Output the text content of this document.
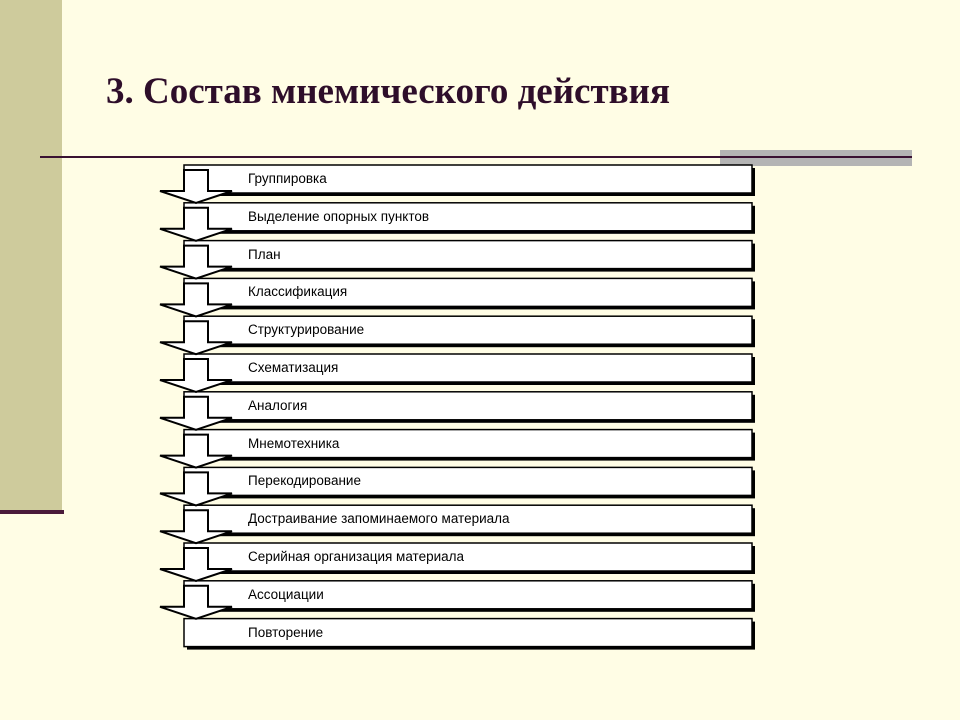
3. Состав мнемического действия
Группировка
Выделение опорных пунктов
План
Классификация
Структурирование
Схематизация
Аналогия
Мнемотехника
Перекодирование
Достраивание запоминаемого материала
Серийная организация материала
Ассоциации
Повторение
